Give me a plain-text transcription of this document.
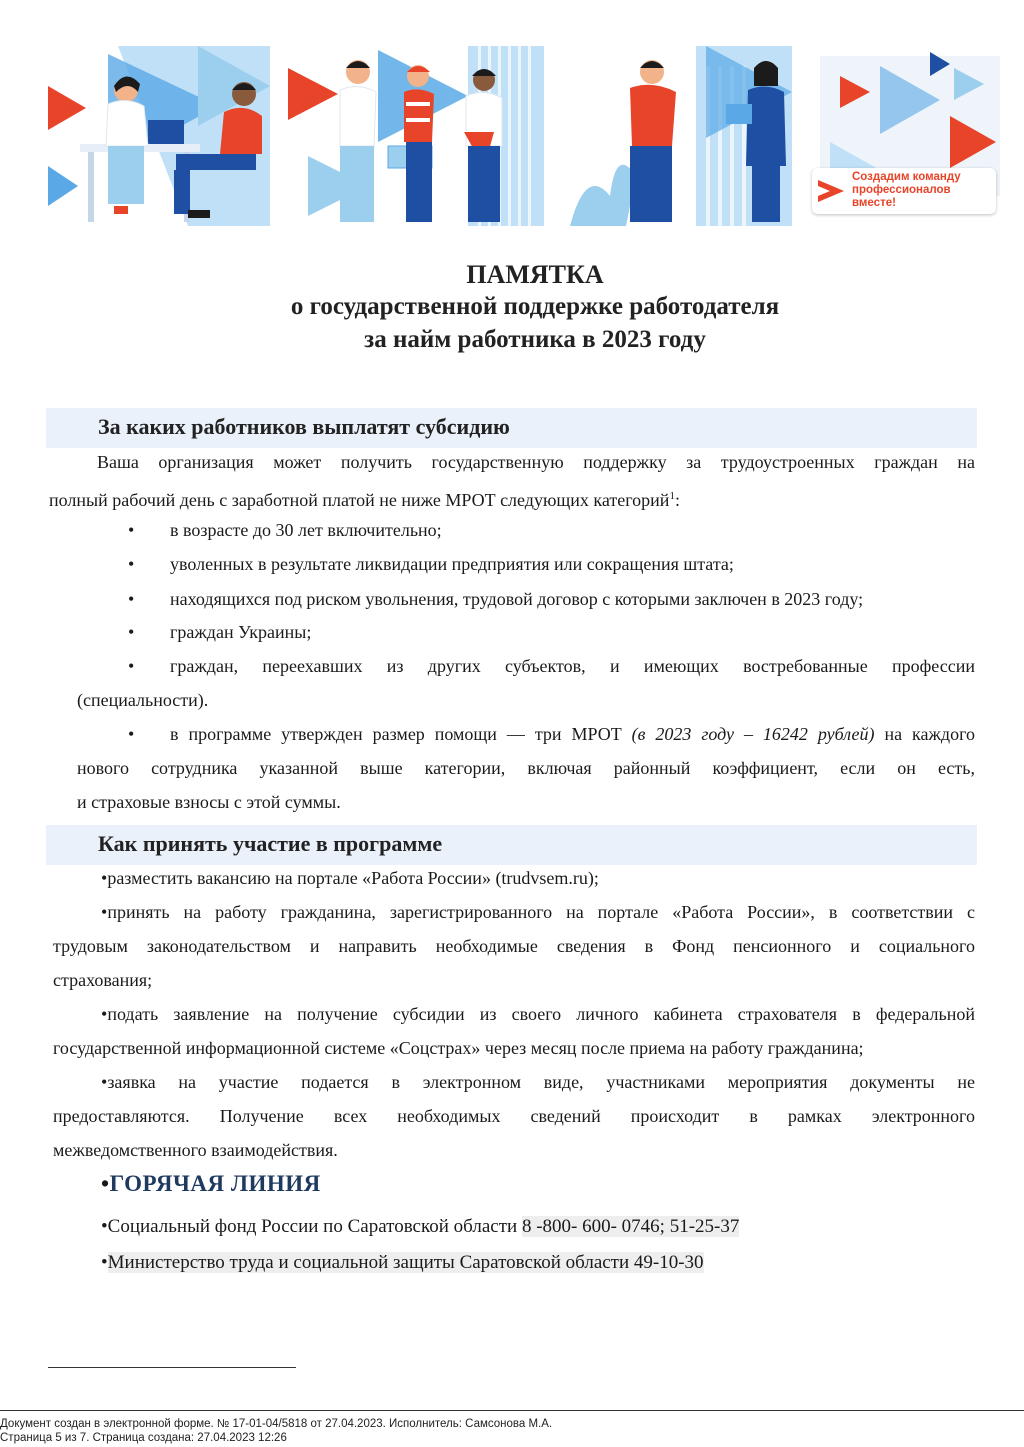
Создадим команду профессионалов вместе!
ПАМЯТКА
о государственной поддержке работодателя
за найм работника в 2023 году
За каких работников выплатят субсидию
Ваша организация может получить государственную поддержку за трудоустроенных граждан на
полный рабочий день с заработной платой не ниже МРОТ следующих категорий$^1$:
• в возрасте до 30 лет включительно;
• уволенных в результате ликвидации предприятия или сокращения штата;
• находящихся под риском увольнения, трудовой договор с которыми заключен в 2023 году;
• граждан Украины;
• граждан, переехавших из других субъектов, и имеющих востребованные профессии
(специальности).
• в программе утвержден размер помощи — три МРОТ (в 2023 году – 16242 рублей) на каждого
нового сотрудника указанной выше категории, включая районный коэффициент, если он есть,
и страховые взносы с этой суммы.
Как принять участие в программе
•разместить вакансию на портале «Работа России» (trudvsem.ru);
•принять на работу гражданина, зарегистрированного на портале «Работа России», в соответствии с
трудовым законодательством и направить необходимые сведения в Фонд пенсионного и социального
страхования;
•подать заявление на получение субсидии из своего личного кабинета страхователя в федеральной
государственной информационной системе «Соцстрах» через месяц после приема на работу гражданина;
•заявка на участие подается в электронном виде, участниками мероприятия документы не
предоставляются. Получение всех необходимых сведений происходит в рамках электронного
межведомственного взаимодействия.
•ГОРЯЧАЯ ЛИНИЯ
•Социальный фонд России по Саратовской области 8 -800- 600- 0746; 51-25-37
•Министерство труда и социальной защиты Саратовской области 49-10-30
Документ создан в электронной форме. № 17-01-04/5818 от 27.04.2023. Исполнитель: Самсонова М.А.
Страница 5 из 7. Страница создана: 27.04.2023 12:26
